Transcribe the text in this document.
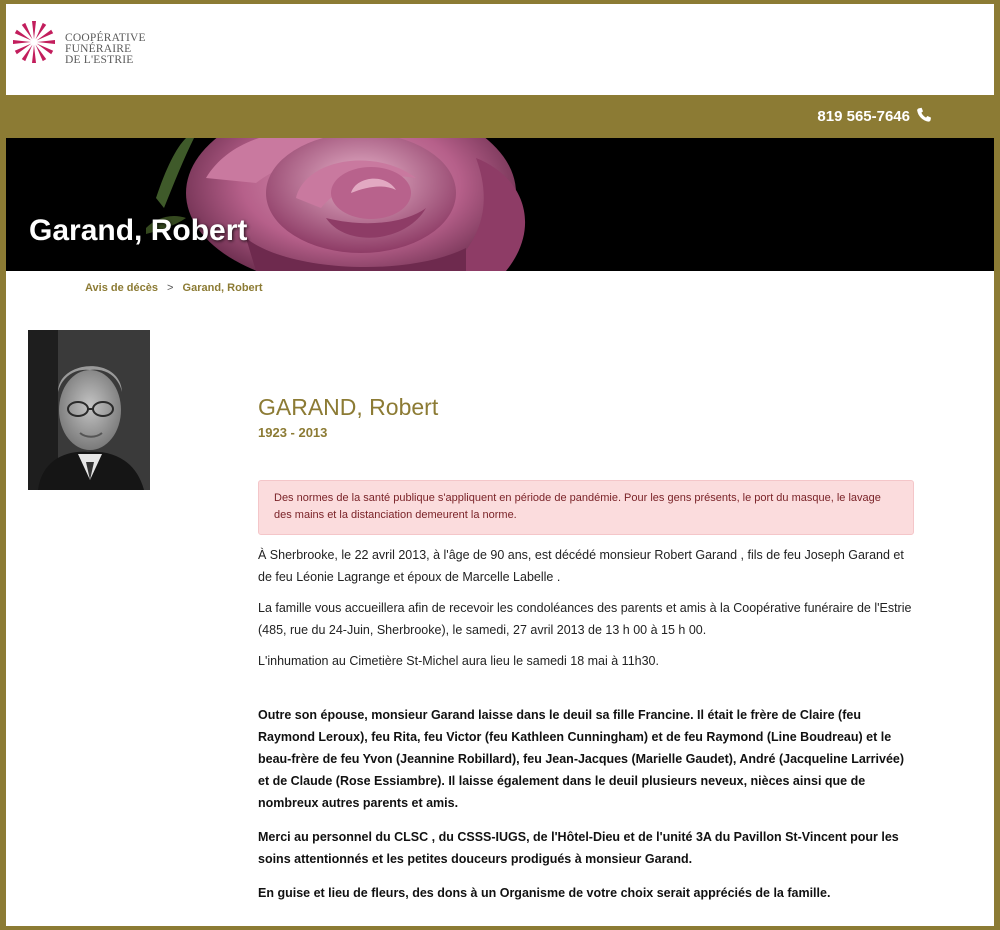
COOPÉRATIVE
FUNÉRAIRE
DE L'ESTRIE
819 565-7646
Garand, Robert
Avis de décès > Garand, Robert
GARAND, Robert
1923 - 2013
Des normes de la santé publique s'appliquent en période de pandémie. Pour les gens présents, le port du masque, le lavage des mains et la distanciation demeurent la norme.

À Sherbrooke, le 22 avril 2013, à l'âge de 90 ans, est décédé monsieur Robert Garand , fils de feu Joseph Garand et de feu Léonie Lagrange et époux de Marcelle Labelle .

La famille vous accueillera afin de recevoir les condoléances des parents et amis à la Coopérative funéraire de l'Estrie (485, rue du 24-Juin, Sherbrooke), le samedi, 27 avril 2013 de 13 h 00 à 15 h 00.

L'inhumation au Cimetière St-Michel aura lieu le samedi 18 mai à 11h30.

Outre son épouse, monsieur Garand laisse dans le deuil sa fille Francine. Il était le frère de Claire (feu Raymond Leroux), feu Rita, feu Victor (feu Kathleen Cunningham) et de feu Raymond (Line Boudreau) et le beau-frère de feu Yvon (Jeannine Robillard), feu Jean-Jacques (Marielle Gaudet), André (Jacqueline Larrivée) et de Claude (Rose Essiambre). Il laisse également dans le deuil plusieurs neveux, nièces ainsi que de nombreux autres parents et amis.

Merci au personnel du CLSC , du CSSS-IUGS, de l'Hôtel-Dieu et de l'unité 3A du Pavillon St-Vincent pour les soins attentionnés et les petites douceurs prodigués à monsieur Garand.

En guise et lieu de fleurs, des dons à un Organisme de votre choix serait appréciés de la famille.
